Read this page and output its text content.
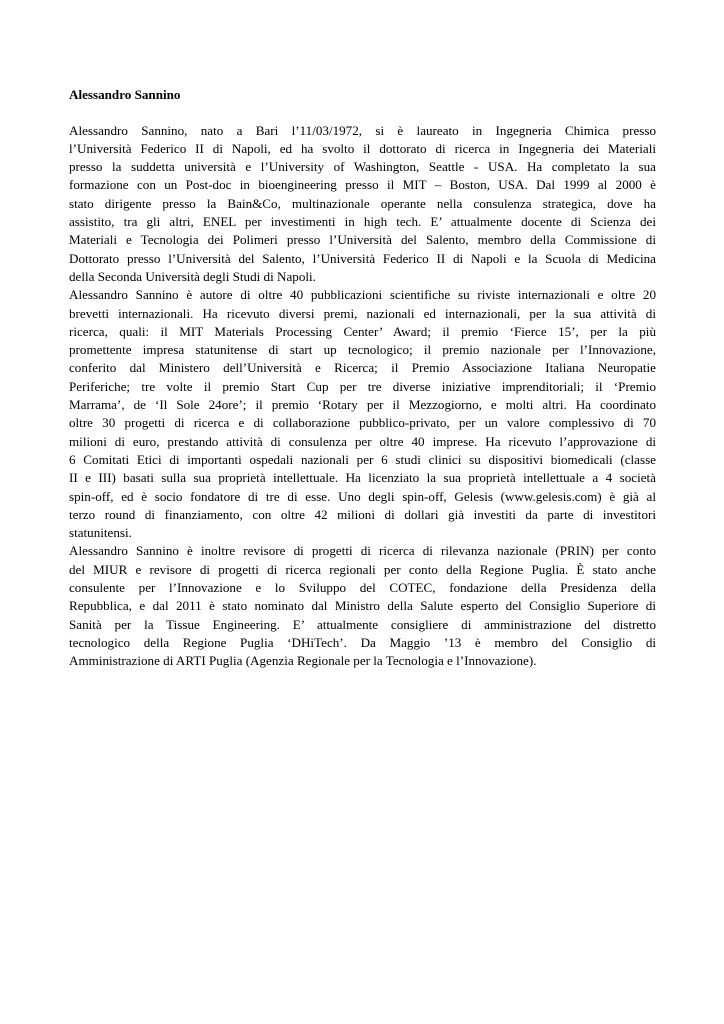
Alessandro Sannino
Alessandro Sannino, nato a Bari l’11/03/1972, si è laureato in Ingegneria Chimica presso
l’Università Federico II di Napoli, ed ha svolto il dottorato di ricerca in Ingegneria dei Materiali
presso la suddetta università e l’University of Washington, Seattle - USA. Ha completato la sua
formazione con un Post-doc in bioengineering presso il MIT – Boston, USA. Dal 1999 al 2000 è
stato dirigente presso la Bain&Co, multinazionale operante nella consulenza strategica, dove ha
assistito, tra gli altri, ENEL per investimenti in high tech. E’ attualmente docente di Scienza dei
Materiali e Tecnologia dei Polimeri presso l’Università del Salento, membro della Commissione di
Dottorato presso l’Università del Salento, l’Università Federico II di Napoli e la Scuola di Medicina
della Seconda Università degli Studi di Napoli.
Alessandro Sannino è autore di oltre 40 pubblicazioni scientifiche su riviste internazionali e oltre 20
brevetti internazionali. Ha ricevuto diversi premi, nazionali ed internazionali, per la sua attività di
ricerca, quali: il MIT Materials Processing Center’ Award; il premio ‘Fierce 15’, per la più
promettente impresa statunitense di start up tecnologico; il premio nazionale per l’Innovazione,
conferito dal Ministero dell’Università e Ricerca; il Premio Associazione Italiana Neuropatie
Periferiche; tre volte il premio Start Cup per tre diverse iniziative imprenditoriali; il ‘Premio
Marrama’, de ‘Il Sole 24ore’; il premio ‘Rotary per il Mezzogiorno, e molti altri. Ha coordinato
oltre 30 progetti di ricerca e di collaborazione pubblico-privato, per un valore complessivo di 70
milioni di euro, prestando attività di consulenza per oltre 40 imprese. Ha ricevuto l’approvazione di
6 Comitati Etici di importanti ospedali nazionali per 6 studi clinici su dispositivi biomedicali (classe
II e III) basati sulla sua proprietà intellettuale. Ha licenziato la sua proprietà intellettuale a 4 società
spin-off, ed è socio fondatore di tre di esse. Uno degli spin-off, Gelesis (www.gelesis.com) è già al
terzo round di finanziamento, con oltre 42 milioni di dollari già investiti da parte di investitori
statunitensi.
Alessandro Sannino è inoltre revisore di progetti di ricerca di rilevanza nazionale (PRIN) per conto
del MIUR e revisore di progetti di ricerca regionali per conto della Regione Puglia. È stato anche
consulente per l’Innovazione e lo Sviluppo del COTEC, fondazione della Presidenza della
Repubblica, e dal 2011 è stato nominato dal Ministro della Salute esperto del Consiglio Superiore di
Sanità per la Tissue Engineering. E’ attualmente consigliere di amministrazione del distretto
tecnologico della Regione Puglia ‘DHiTech’. Da Maggio ’13 è membro del Consiglio di
Amministrazione di ARTI Puglia (Agenzia Regionale per la Tecnologia e l’Innovazione).
